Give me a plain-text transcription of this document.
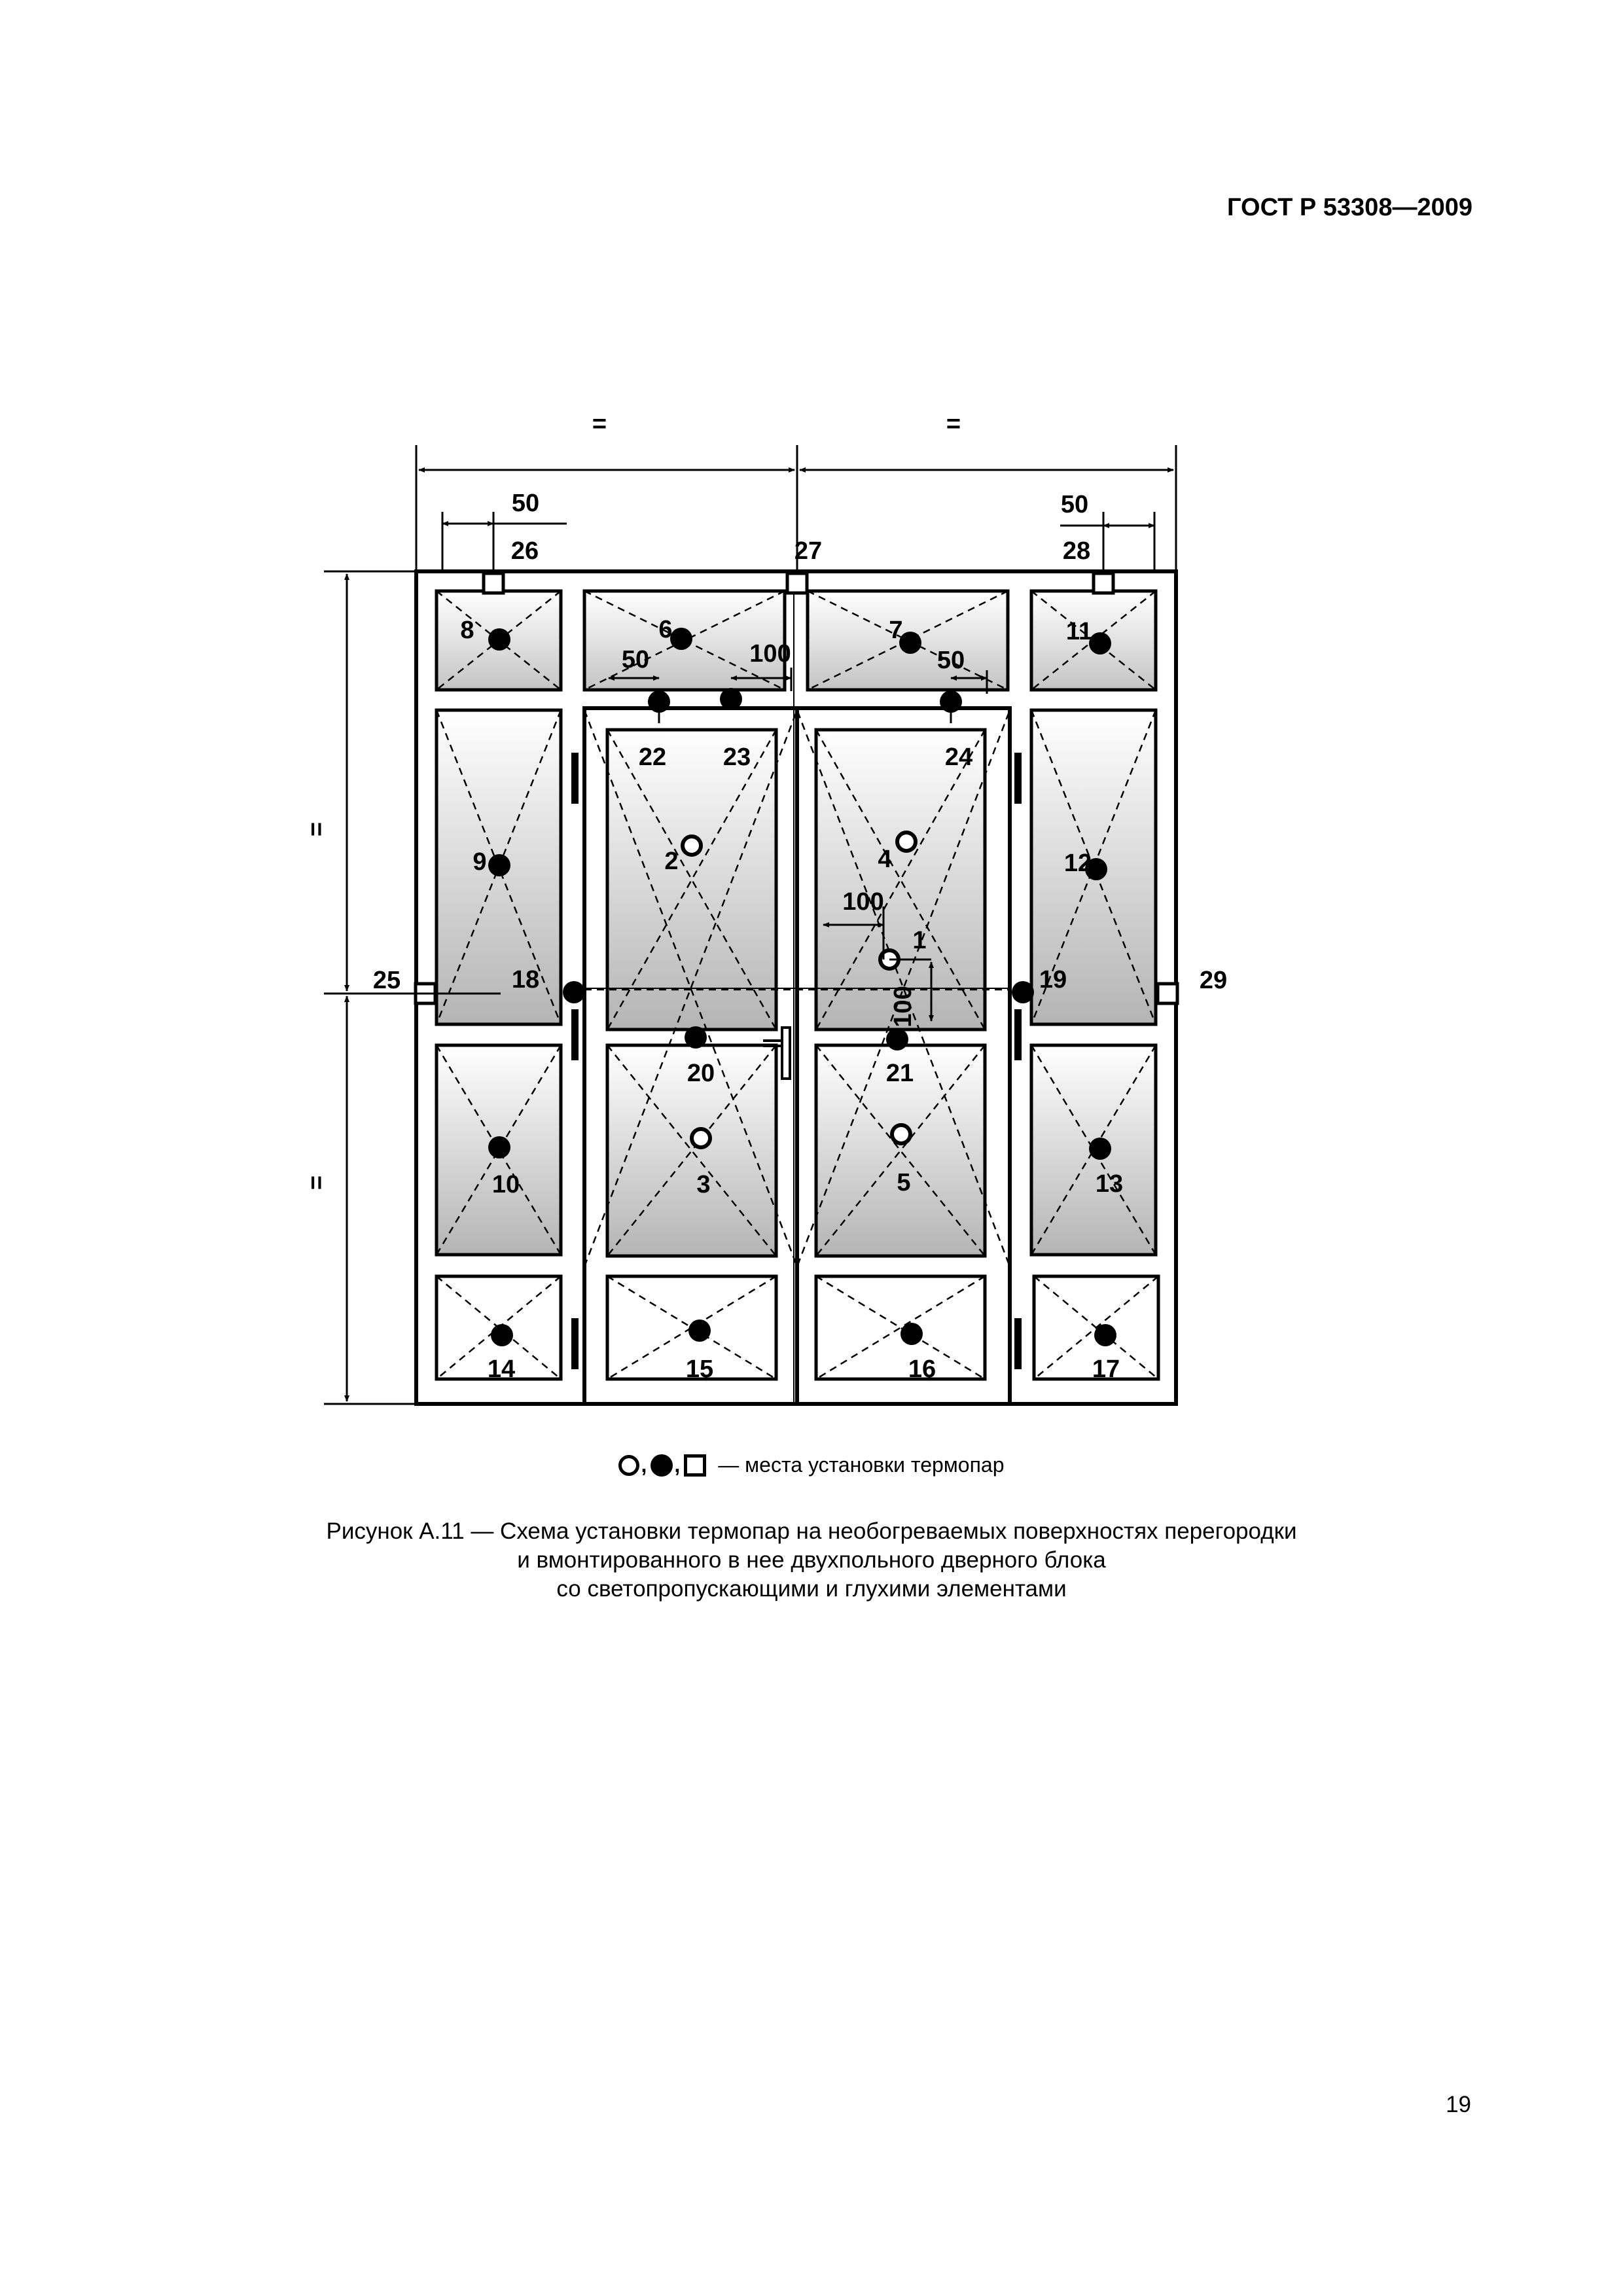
ГОСТ Р 53308—2009
=	=
=
=
50	50
50	100	50
100
100
1
2
3
4
5
6	7
8
9
10
11
12
13
14	15	16	17
18	19
20	21
22 23	24
25
26	27	28
29
, , — места установки термопар
Рисунок А.11 — Схема установки термопар на необогреваемых поверхностях перегородки
и вмонтированного в нее двухпольного дверного блока
со светопропускающими и глухими элементами
19
